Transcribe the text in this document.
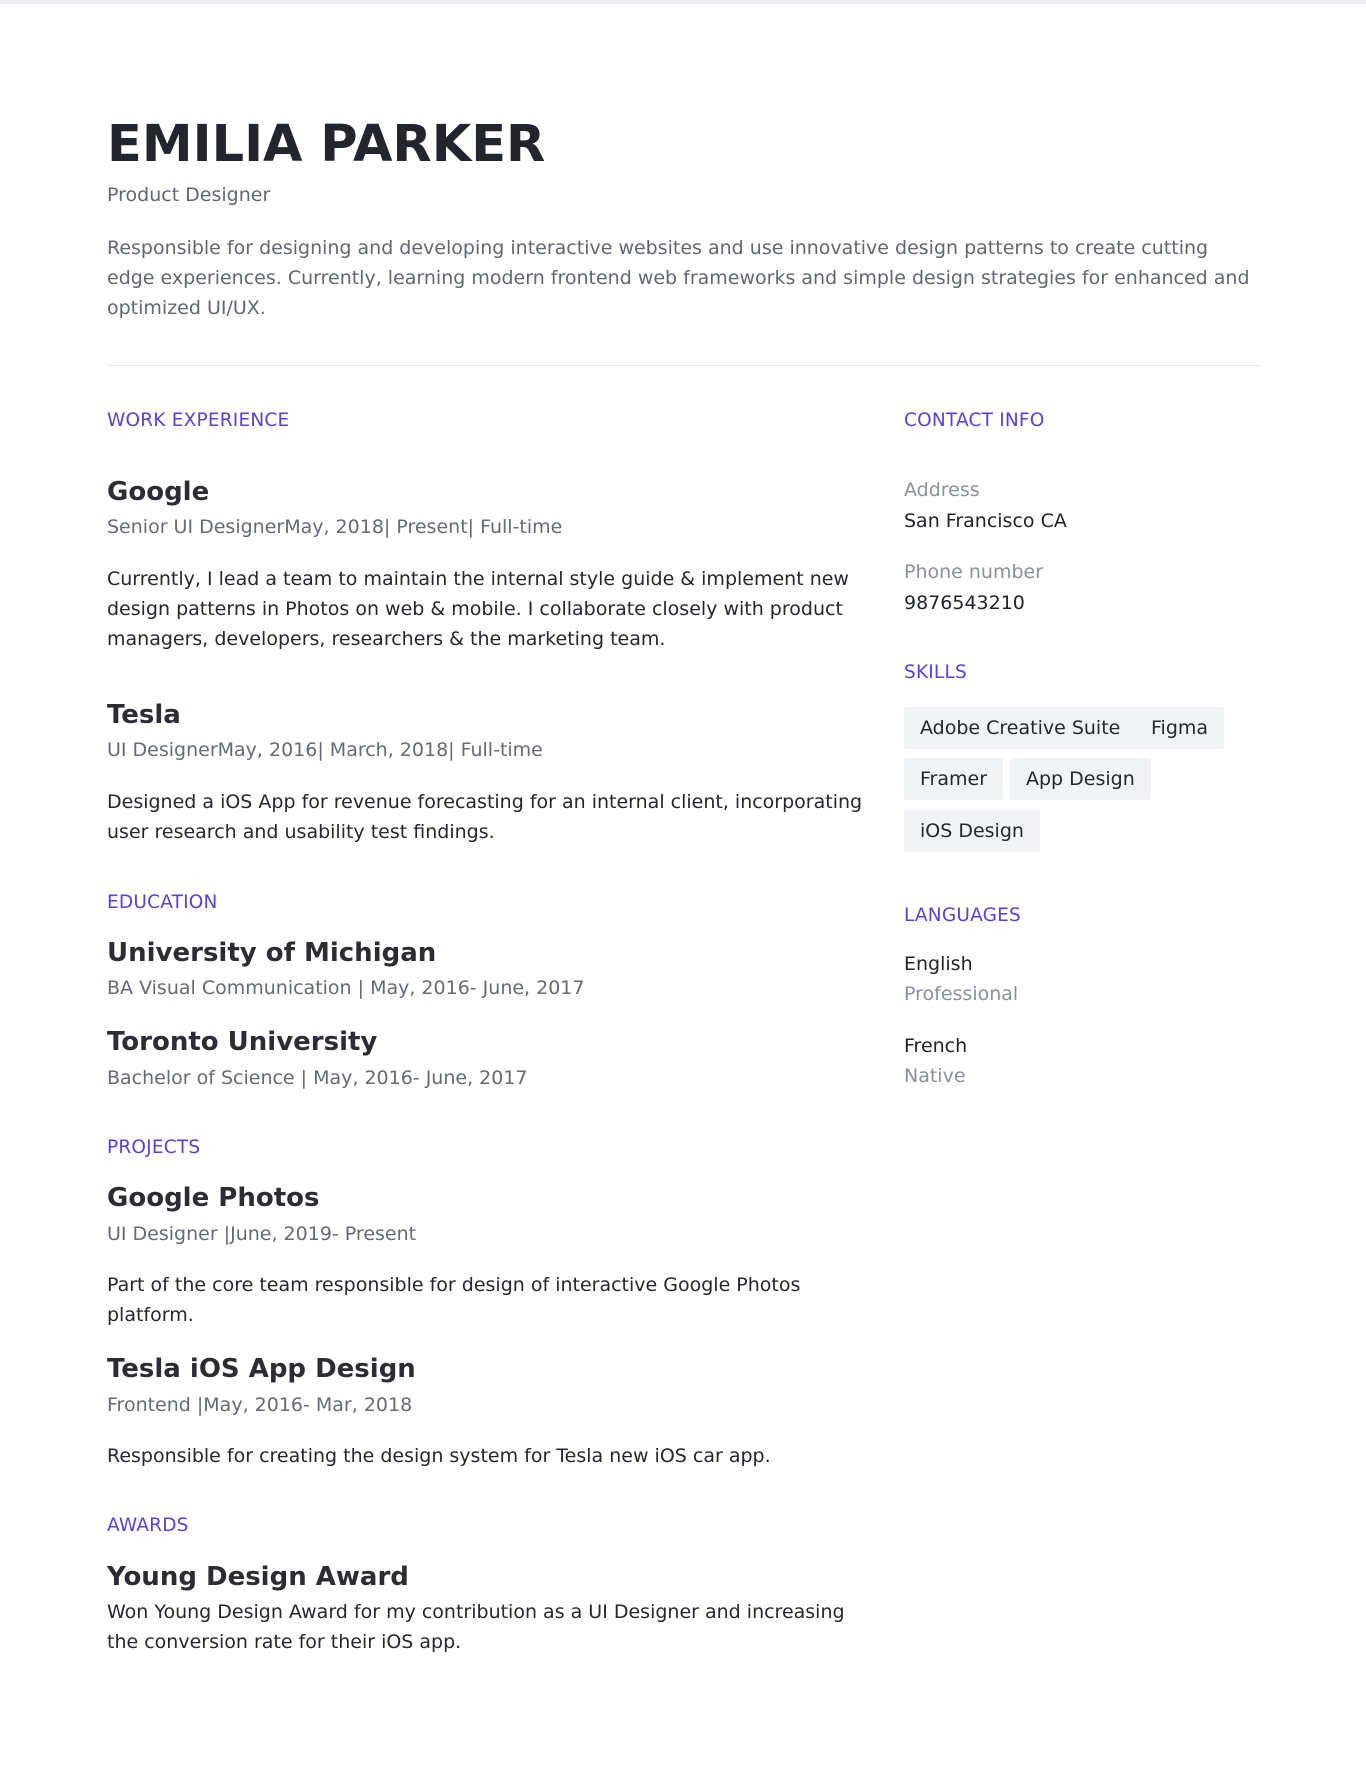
EMILIA PARKER
Product Designer
Responsible for designing and developing interactive websites and use innovative design patterns to create cutting edge experiences. Currently, learning modern frontend web frameworks and simple design strategies for enhanced and optimized UI/UX.
WORK EXPERIENCE
Google
Senior UI DesignerMay, 2018| Present| Full-time
Currently, I lead a team to maintain the internal style guide & implement new design patterns in Photos on web & mobile. I collaborate closely with product managers, developers, researchers & the marketing team.
Tesla
UI DesignerMay, 2016| March, 2018| Full-time
Designed a iOS App for revenue forecasting for an internal client, incorporating user research and usability test findings.
EDUCATION
University of Michigan
BA Visual Communication | May, 2016- June, 2017
Toronto University
Bachelor of Science | May, 2016- June, 2017
PROJECTS
Google Photos
UI Designer |June, 2019- Present
Part of the core team responsible for design of interactive Google Photos platform.
Tesla iOS App Design
Frontend |May, 2016- Mar, 2018
Responsible for creating the design system for Tesla new iOS car app.
AWARDS
Young Design Award
Won Young Design Award for my contribution as a UI Designer and increasing the conversion rate for their iOS app.
CONTACT INFO
Address
San Francisco CA
Phone number
9876543210
SKILLS
Adobe Creative Suite	Figma
Framer	App Design
iOS Design
LANGUAGES
English
Professional
French
Native
